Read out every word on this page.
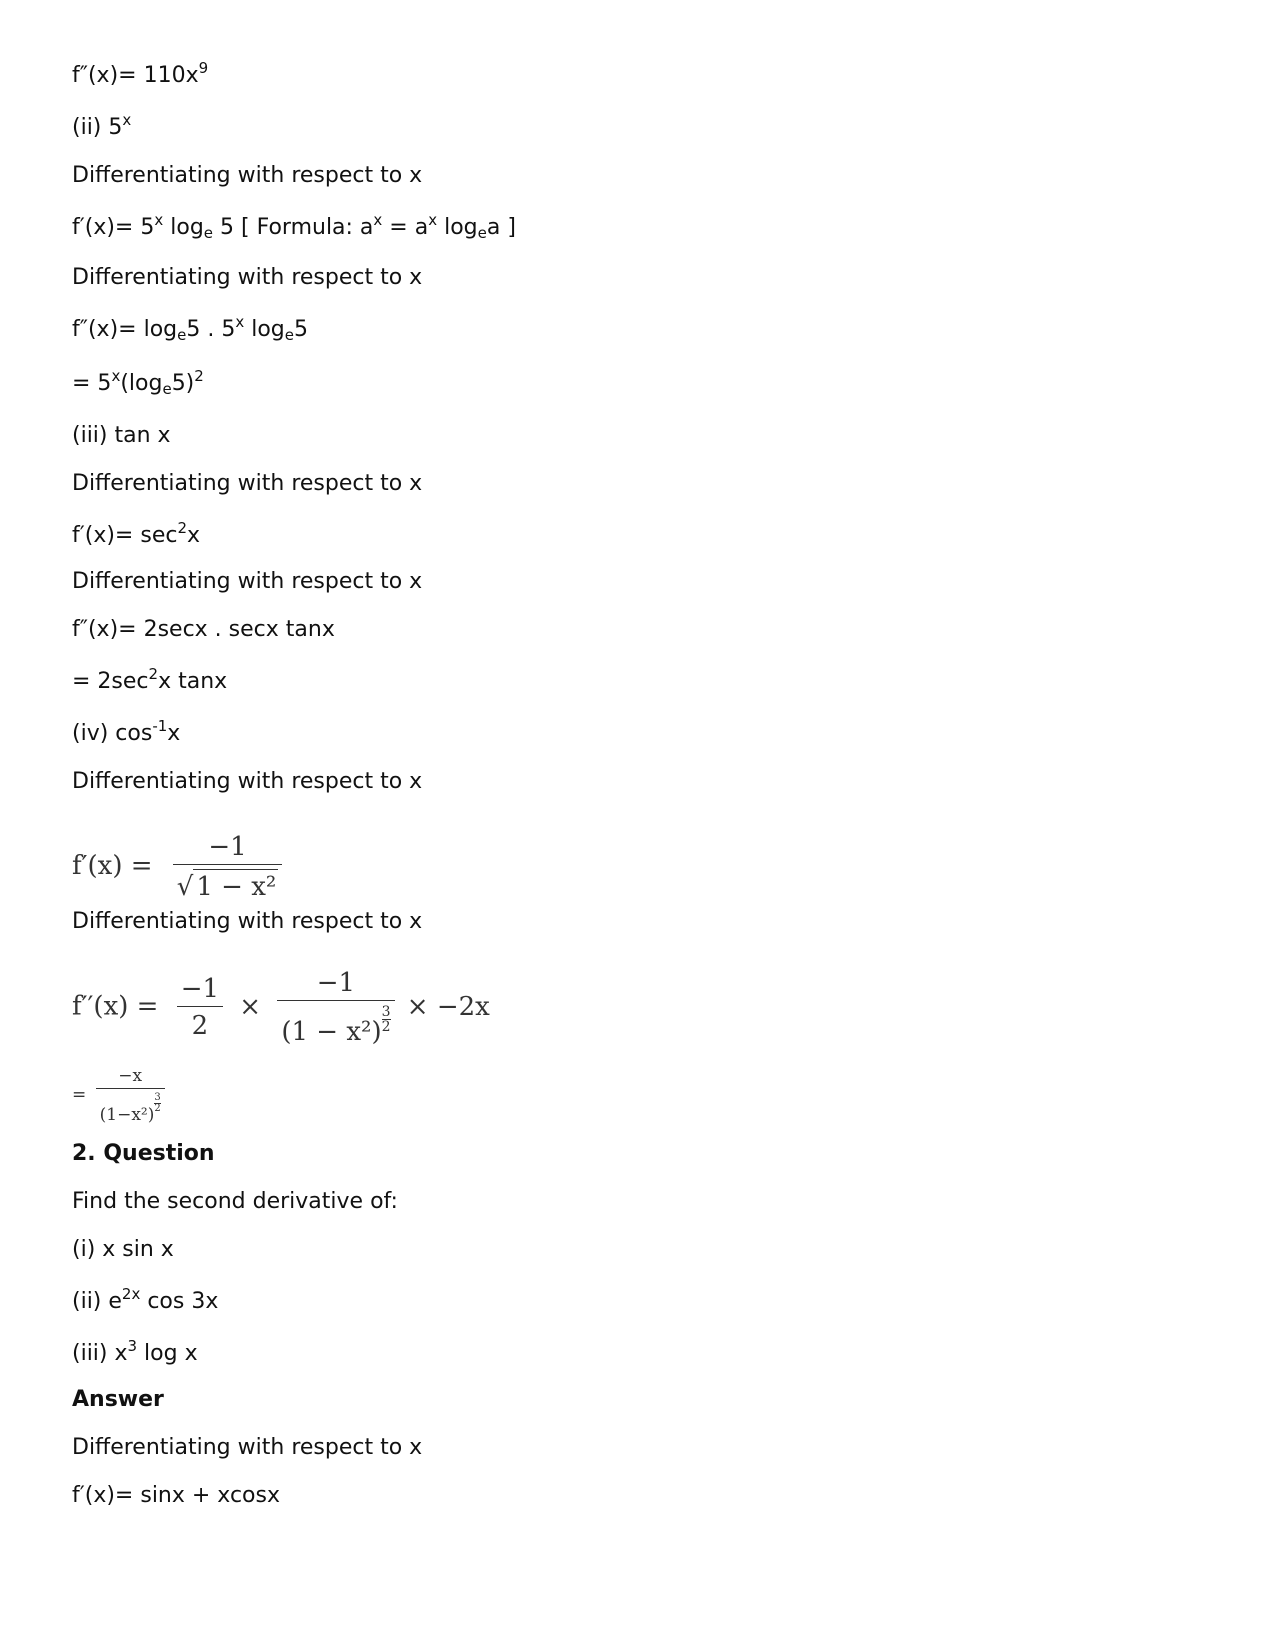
$f''(x)= 110x^9$
(ii) 5$^x$
Differentiating with respect to x
$f'(x)= 5^x$ $\log_e 5$ [ Formula: $a^x = a^x$ $\log_ea$ ]
Differentiating with respect to x
$f''(x)= \log_e5$ . 5$^x$ $\log_e5$
= $5^x(\log_e5)^2$
(iii) tan x
Differentiating with respect to x
$f'(x)= \sec^2x$
Differentiating with respect to x
f″(x)= 2secx . secx tanx
= $2\sec^2x$ tanx
(iv) $\cos^{-1}x$
Differentiating with respect to x
$f'(x) = \frac{-1}{\text{√ 1 − x²}}$
Differentiating with respect to x
$f''(x) = \frac{-1}{2} \times \frac{-1}{(1 - x^2) \frac{3}{2}} \times -2x$
= −x
(1−x²)
$\frac{3}{2}$
2. Question
Find the second derivative of:
(i) x sin x
(ii) $e^{2x}$ cos 3x
(iii) $x^3$ log x
Answer
Differentiating with respect to x
f′(x)= sinx + xcosx
